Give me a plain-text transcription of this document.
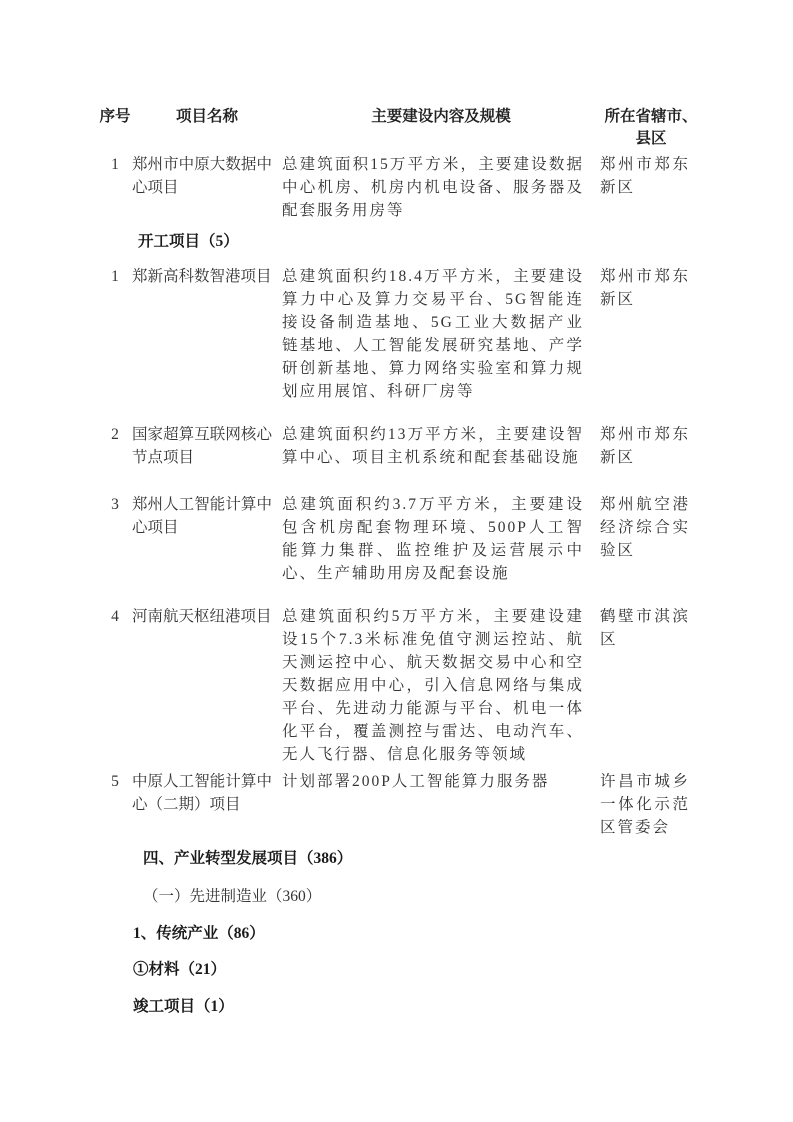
序号	项目名称	主要建设内容及规模	所在省辖市、县区
1	郑州市中原大数据中心项目	总建筑面积15万平方米，主要建设数据中心机房、机房内机电设备、服务器及配套服务用房等	郑州市郑东新区
	开工项目（5）		
1	郑新高科数智港项目	总建筑面积约18.4万平方米，主要建设算力中心及算力交易平台、5G智能连接设备制造基地、5G工业大数据产业链基地、人工智能发展研究基地、产学研创新基地、算力网络实验室和算力规划应用展馆、科研厂房等	郑州市郑东新区
2	国家超算互联网核心节点项目	总建筑面积约13万平方米，主要建设智算中心、项目主机系统和配套基础设施	郑州市郑东新区
3	郑州人工智能计算中心项目	总建筑面积约3.7万平方米，主要建设包含机房配套物理环境、500P人工智能算力集群、监控维护及运营展示中心、生产辅助用房及配套设施	郑州航空港经济综合实验区
4	河南航天枢纽港项目	总建筑面积约5万平方米，主要建设建设15个7.3米标准免值守测运控站、航天测运控中心、航天数据交易中心和空天数据应用中心，引入信息网络与集成平台、先进动力能源与平台、机电一体化平台，覆盖测控与雷达、电动汽车、无人飞行器、信息化服务等领域	鹤壁市淇滨区
5	中原人工智能计算中心（二期）项目	计划部署200P人工智能算力服务器	许昌市城乡一体化示范区管委会
四、产业转型发展项目（386）
（一）先进制造业（360）
1、传统产业（86）
①材料（21）
竣工项目（1）
